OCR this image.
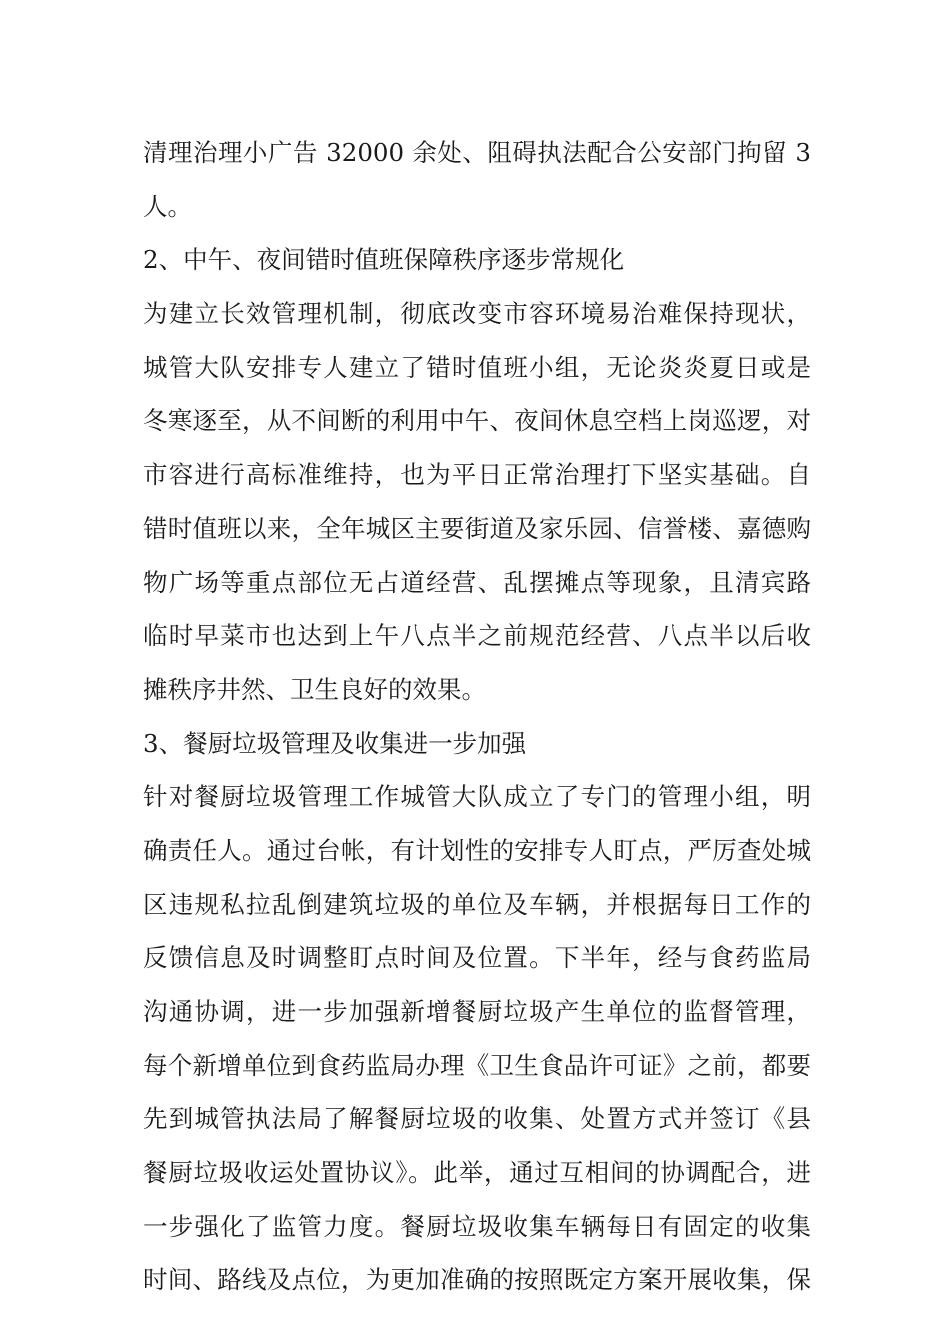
清理治理小广告 32000 余处、阻碍执法配合公安部门拘留 3
人。
2、中午、夜间错时值班保障秩序逐步常规化
为建立长效管理机制，彻底改变市容环境易治难保持现状，
城管大队安排专人建立了错时值班小组，无论炎炎夏日或是
冬寒逐至，从不间断的利用中午、夜间休息空档上岗巡逻，对
市容进行高标准维持，也为平日正常治理打下坚实基础。自
错时值班以来，全年城区主要街道及家乐园、信誉楼、嘉德购
物广场等重点部位无占道经营、乱摆摊点等现象，且清宾路
临时早菜市也达到上午八点半之前规范经营、八点半以后收
摊秩序井然、卫生良好的效果。
3、餐厨垃圾管理及收集进一步加强
针对餐厨垃圾管理工作城管大队成立了专门的管理小组，明
确责任人。通过台帐，有计划性的安排专人盯点，严厉查处城
区违规私拉乱倒建筑垃圾的单位及车辆，并根据每日工作的
反馈信息及时调整盯点时间及位置。下半年，经与食药监局
沟通协调，进一步加强新增餐厨垃圾产生单位的监督管理，
每个新增单位到食药监局办理《卫生食品许可证》之前，都要
先到城管执法局了解餐厨垃圾的收集、处置方式并签订《县
餐厨垃圾收运处置协议》。此举，通过互相间的协调配合，进
一步强化了监管力度。餐厨垃圾收集车辆每日有固定的收集
时间、路线及点位，为更加准确的按照既定方案开展收集，保
